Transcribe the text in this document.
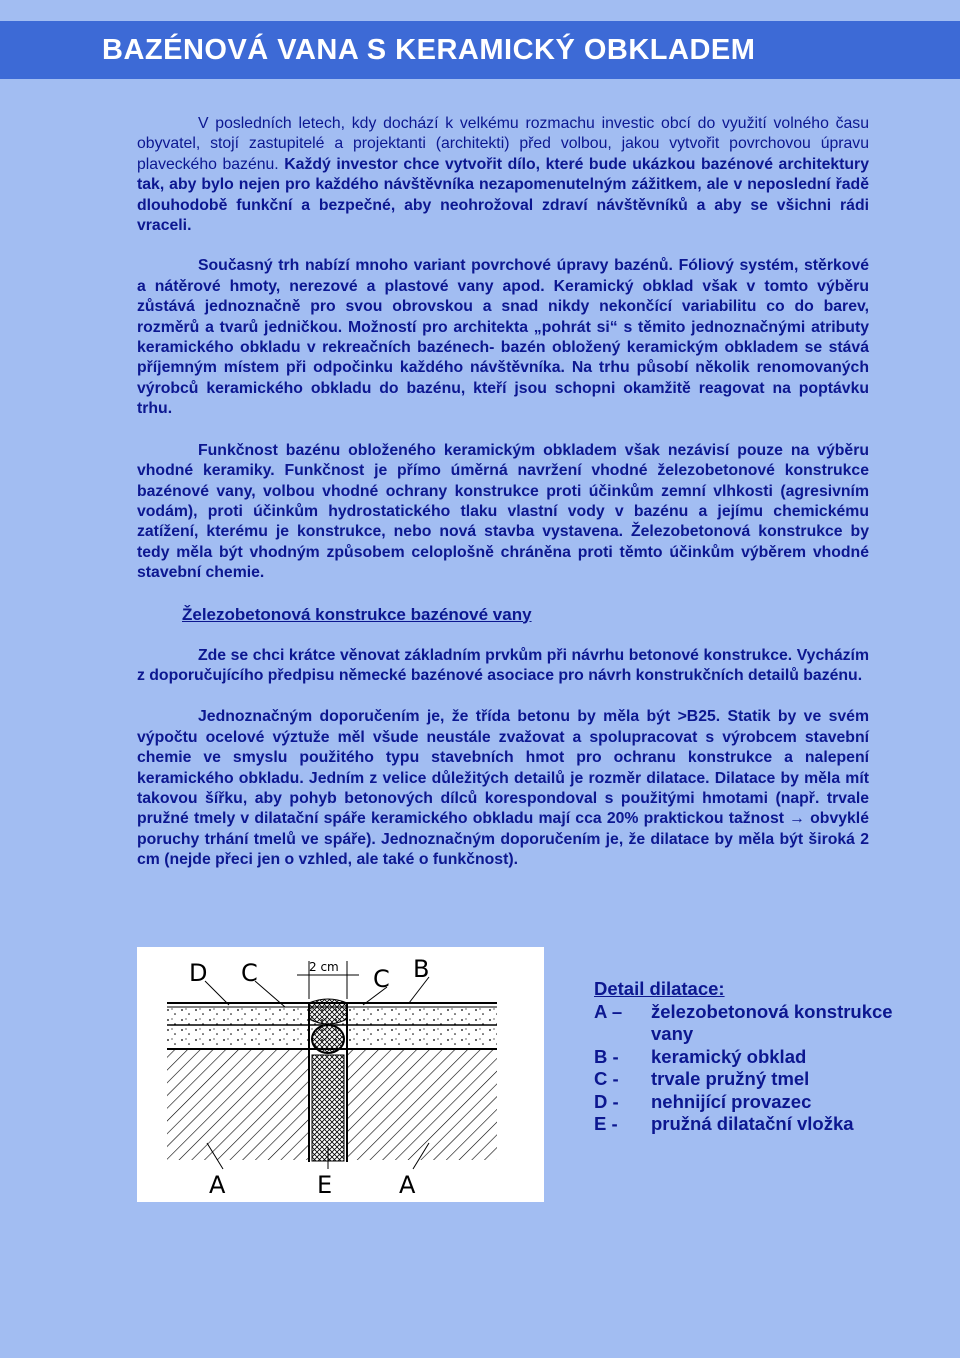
BAZÉNOVÁ VANA S KERAMICKÝ OBKLADEM

V posledních letech, kdy dochází k velkému rozmachu investic obcí do využití volného času obyvatel, stojí zastupitelé a projektanti (architekti) před volbou, jakou vytvořit povrchovou úpravu plaveckého bazénu. Každý investor chce vytvořit dílo, které bude ukázkou bazénové architektury tak, aby bylo nejen pro každého návštěvníka nezapomenutelným zážitkem, ale v neposlední řadě dlouhodobě funkční a bezpečné, aby neohrožoval zdraví návštěvníků a aby se všichni rádi vraceli.

Současný trh nabízí mnoho variant povrchové úpravy bazénů. Fóliový systém, stěrkové a nátěrové hmoty, nerezové a plastové vany apod. Keramický obklad však v tomto výběru zůstává jednoznačně pro svou obrovskou a snad nikdy nekončící variabilitu co do barev, rozměrů a tvarů jedničkou. Možností pro architekta „pohrát si“ s těmito jednoznačnými atributy keramického obkladu v rekreačních bazénech- bazén obložený keramickým obkladem se stává příjemným místem při odpočinku každého návštěvníka. Na trhu působí několik renomovaných výrobců keramického obkladu do bazénu, kteří jsou schopni okamžitě reagovat na poptávku trhu.

Funkčnost bazénu obloženého keramickým obkladem však nezávisí pouze na výběru vhodné keramiky. Funkčnost je přímo úměrná navržení vhodné železobetonové konstrukce bazénové vany, volbou vhodné ochrany konstrukce proti účinkům zemní vlhkosti (agresivním vodám), proti účinkům hydrostatického tlaku vlastní vody v bazénu a jejímu chemickému zatížení, kterému je konstrukce, nebo nová stavba vystavena. Železobetonová konstrukce by tedy měla být vhodným způsobem celoplošně chráněna proti těmto účinkům výběrem vhodné stavební chemie.

Železobetonová konstrukce bazénové vany

Zde se chci krátce věnovat základním prvkům při návrhu betonové konstrukce. Vycházím z doporučujícího předpisu německé bazénové asociace pro návrh konstrukčních detailů bazénu.

Jednoznačným doporučením je, že třída betonu by měla být >B25. Statik by ve svém výpočtu ocelové výztuže měl všude neustále zvažovat a spolupracovat s výrobcem stavební chemie ve smyslu použitého typu stavebních hmot pro ochranu konstrukce a nalepení keramického obkladu. Jedním z velice důležitých detailů je rozměr dilatace. Dilatace by měla mít takovou šířku, aby pohyb betonových dílců korespondoval s použitými hmotami (např. trvale pružné tmely v dilatační spáře keramického obkladu mají cca 20% praktickou tažnost → obvyklé poruchy trhání tmelů ve spáře). Jednoznačným doporučením je, že dilatace by měla být široká 2 cm (nejde přeci jen o vzhled, ale také o funkčnost).

2 cm
D C	C B
A	E	A
Detail dilatace:
A –	železobetonová konstrukce vany
B -	keramický obklad
C -	trvale pružný tmel
D -	nehnijící provazec
E -	pružná dilatační vložka
